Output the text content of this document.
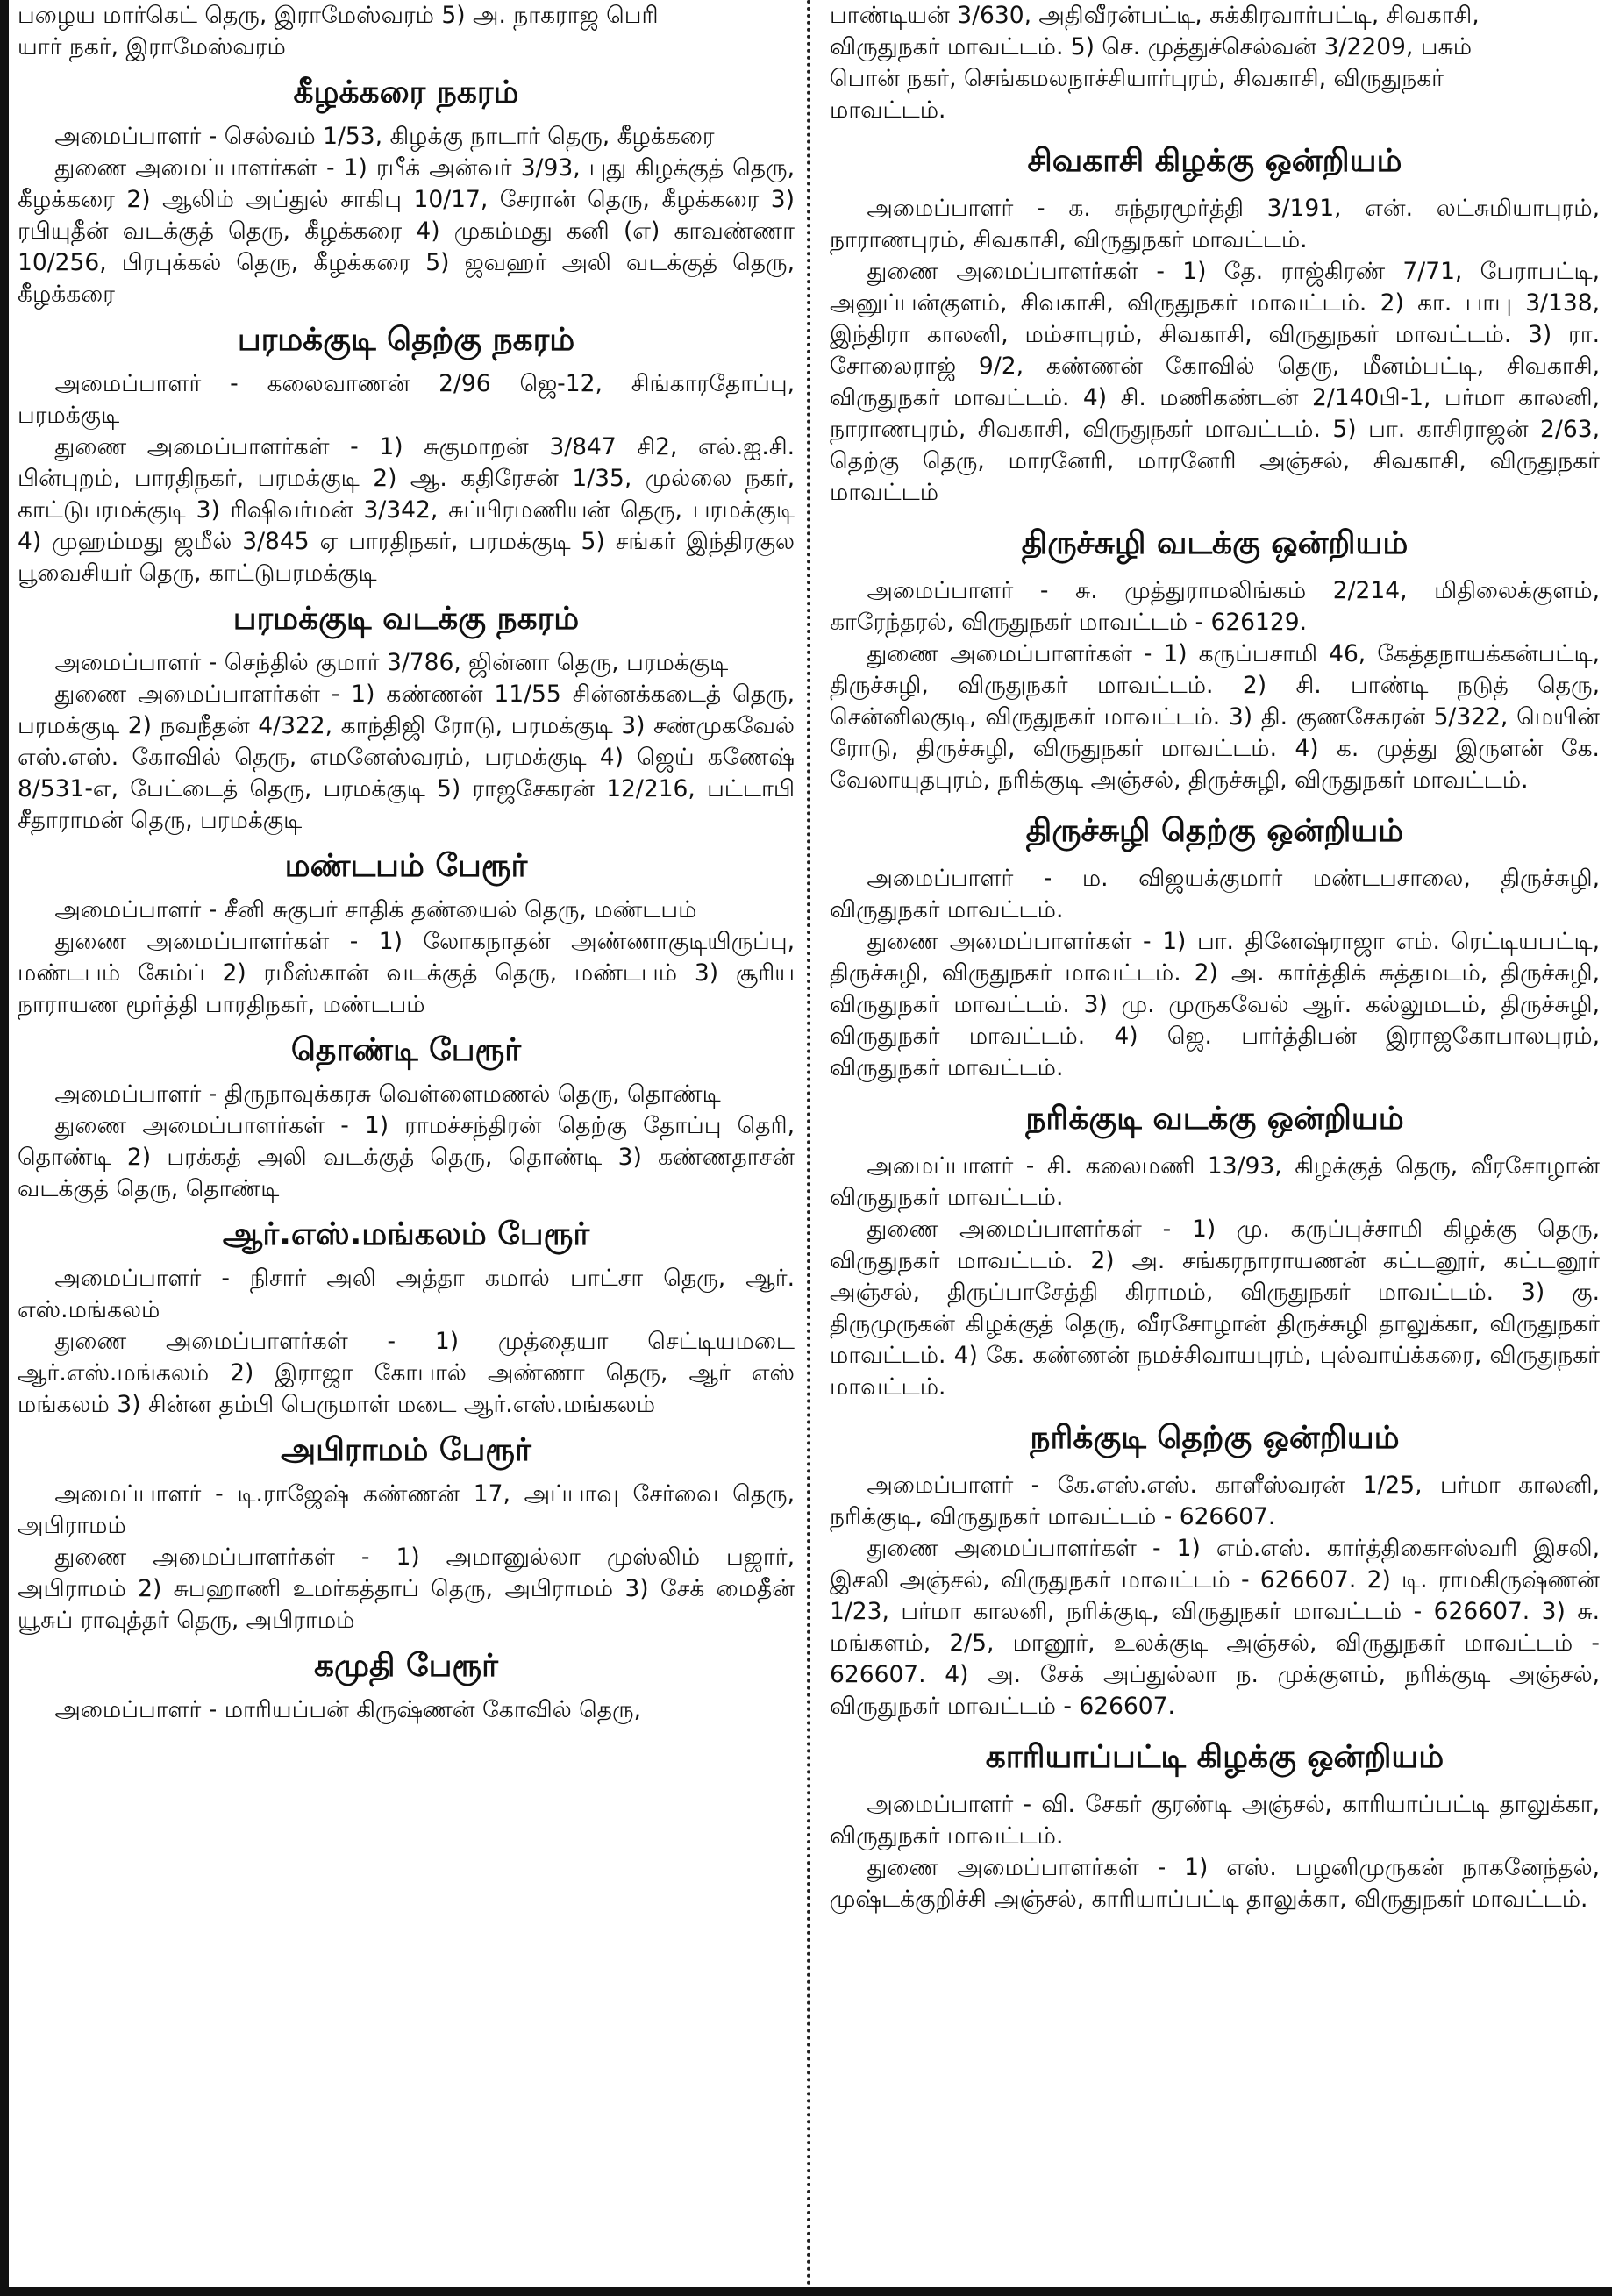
பழைய மார்கெட் தெரு, இராமேஸ்வரம் 5) அ. நாகராஜ பெரி

யார் நகர், இராமேஸ்வரம்

கீழக்கரை நகரம்

அமைப்பாளர் - செல்வம் 1/53, கிழக்கு நாடார் தெரு, கீழக்கரை

துணை அமைப்பாளர்கள் - 1) ரபீக் அன்வர் 3/93, புது கிழக்குத் தெரு, கீழக்கரை 2) ஆலிம் அப்துல் சாகிபு 10/17, சேரான் தெரு, கீழக்கரை 3) ரபியுதீன் வடக்குத் தெரு, கீழக்கரை 4) முகம்மது கனி (எ) காவண்ணா 10/256, பிரபுக்கல் தெரு, கீழக்கரை 5) ஜவஹர் அலி வடக்குத் தெரு, கீழக்கரை

பரமக்குடி தெற்கு நகரம்

அமைப்பாளர் - கலைவாணன் 2/96 ஜெ-12, சிங்காரதோப்பு, பரமக்குடி

துணை அமைப்பாளர்கள் - 1) சுகுமாறன் 3/847 சி2, எல்.ஐ.சி. பின்புறம், பாரதிநகர், பரமக்குடி 2) ஆ. கதிரேசன் 1/35, முல்லை நகர், காட்டுபரமக்குடி 3) ரிஷிவர்மன் 3/342, சுப்பிரமணியன் தெரு, பரமக்குடி 4) முஹம்மது ஜமீல் 3/845 ஏ பாரதிநகர், பரமக்குடி 5) சங்கர் இந்திரகுல பூவைசியர் தெரு, காட்டுபரமக்குடி

பரமக்குடி வடக்கு நகரம்

அமைப்பாளர் - செந்தில் குமார் 3/786, ஜின்னா தெரு, பரமக்குடி

துணை அமைப்பாளர்கள் - 1) கண்ணன் 11/55 சின்னக்கடைத் தெரு, பரமக்குடி 2) நவநீதன் 4/322, காந்திஜி ரோடு, பரமக்குடி 3) சண்முகவேல் எஸ்.எஸ். கோவில் தெரு, எமனேஸ்வரம், பரமக்குடி 4) ஜெய் கணேஷ் 8/531-எ, பேட்டைத் தெரு, பரமக்குடி 5) ராஜசேகரன் 12/216, பட்டாபி சீதாராமன் தெரு, பரமக்குடி

மண்டபம் பேரூர்

அமைப்பாளர் - சீனி சுகுபர் சாதிக் தண்யைல் தெரு, மண்டபம்

துணை அமைப்பாளர்கள் - 1) லோகநாதன் அண்ணாகுடியிருப்பு, மண்டபம் கேம்ப் 2) ரமீஸ்கான் வடக்குத் தெரு, மண்டபம் 3) சூரிய நாராயண மூர்த்தி பாரதிநகர், மண்டபம்

தொண்டி பேரூர்

அமைப்பாளர் - திருநாவுக்கரசு வெள்ளைமணல் தெரு, தொண்டி

துணை அமைப்பாளர்கள் - 1) ராமச்சந்திரன் தெற்கு தோப்பு தெரி, தொண்டி 2) பரக்கத் அலி வடக்குத் தெரு, தொண்டி 3) கண்ணதாசன் வடக்குத் தெரு, தொண்டி

ஆர்.எஸ்.மங்கலம் பேரூர்

அமைப்பாளர் - நிசார் அலி அத்தா கமால் பாட்சா தெரு, ஆர். எஸ்.மங்கலம்

துணை அமைப்பாளர்கள் - 1) முத்தையா செட்டியமடை ஆர்.எஸ்.மங்கலம் 2) இராஜா கோபால் அண்ணா தெரு, ஆர் எஸ் மங்கலம் 3) சின்ன தம்பி பெருமாள் மடை ஆர்.எஸ்.மங்கலம்

அபிராமம் பேரூர்

அமைப்பாளர் - டி.ராஜேஷ் கண்ணன் 17, அப்பாவு சேர்வை தெரு, அபிராமம்

துணை அமைப்பாளர்கள் - 1) அமானுல்லா முஸ்லிம் பஜார், அபிராமம் 2) சுபஹாணி உமர்கத்தாப் தெரு, அபிராமம் 3) சேக் மைதீன் யூசுப் ராவுத்தர் தெரு, அபிராமம்

கமுதி பேரூர்

அமைப்பாளர் - மாரியப்பன் கிருஷ்ணன் கோவில் தெரு,

பாண்டியன் 3/630, அதிவீரன்பட்டி, சுக்கிரவார்பட்டி, சிவகாசி,

விருதுநகர் மாவட்டம். 5) செ. முத்துச்செல்வன் 3/2209, பசும்

பொன் நகர், செங்கமலநாச்சியார்புரம், சிவகாசி, விருதுநகர்

மாவட்டம்.

சிவகாசி கிழக்கு ஒன்றியம்

அமைப்பாளர் - க. சுந்தரமூர்த்தி 3/191, என். லட்சுமியாபுரம், நாராணபுரம், சிவகாசி, விருதுநகர் மாவட்டம்.

துணை அமைப்பாளர்கள் - 1) தே. ராஜ்கிரண் 7/71, பேராபட்டி, அனுப்பன்குளம், சிவகாசி, விருதுநகர் மாவட்டம். 2) கா. பாபு 3/138, இந்திரா காலனி, மம்சாபுரம், சிவகாசி, விருதுநகர் மாவட்டம். 3) ரா. சோலைராஜ் 9/2, கண்ணன் கோவில் தெரு, மீனம்பட்டி, சிவகாசி, விருதுநகர் மாவட்டம். 4) சி. மணிகண்டன் 2/140பி-1, பர்மா காலனி, நாராணபுரம், சிவகாசி, விருதுநகர் மாவட்டம். 5) பா. காசிராஜன் 2/63, தெற்கு தெரு, மாரனேரி, மாரனேரி அஞ்சல், சிவகாசி, விருதுநகர் மாவட்டம்

திருச்சுழி வடக்கு ஒன்றியம்

அமைப்பாளர் - சு. முத்துராமலிங்கம் 2/214, மிதிலைக்குளம், காரேந்தரல், விருதுநகர் மாவட்டம் - 626129.

துணை அமைப்பாளர்கள் - 1) கருப்பசாமி 46, கேத்தநாயக்கன்பட்டி, திருச்சுழி, விருதுநகர் மாவட்டம். 2) சி. பாண்டி நடுத் தெரு, சென்னிலகுடி, விருதுநகர் மாவட்டம். 3) தி. குணசேகரன் 5/322, மெயின் ரோடு, திருச்சுழி, விருதுநகர் மாவட்டம். 4) க. முத்து இருளன் கே. வேலாயுதபுரம், நரிக்குடி அஞ்சல், திருச்சுழி, விருதுநகர் மாவட்டம்.

திருச்சுழி தெற்கு ஒன்றியம்

அமைப்பாளர் - ம. விஜயக்குமார் மண்டபசாலை, திருச்சுழி, விருதுநகர் மாவட்டம்.

துணை அமைப்பாளர்கள் - 1) பா. தினேஷ்ராஜா எம். ரெட்டியபட்டி, திருச்சுழி, விருதுநகர் மாவட்டம். 2) அ. கார்த்திக் சுத்தமடம், திருச்சுழி, விருதுநகர் மாவட்டம். 3) மு. முருகவேல் ஆர். கல்லுமடம், திருச்சுழி, விருதுநகர் மாவட்டம். 4) ஜெ. பார்த்திபன் இராஜகோபாலபுரம், விருதுநகர் மாவட்டம்.

நரிக்குடி வடக்கு ஒன்றியம்

அமைப்பாளர் - சி. கலைமணி 13/93, கிழக்குத் தெரு, வீரசோழான் விருதுநகர் மாவட்டம்.

துணை அமைப்பாளர்கள் - 1) மு. கருப்புச்சாமி கிழக்கு தெரு, விருதுநகர் மாவட்டம். 2) அ. சங்கரநாராயணன் கட்டனூர், கட்டனூர் அஞ்சல், திருப்பாசேத்தி கிராமம், விருதுநகர் மாவட்டம். 3) கு. திருமுருகன் கிழக்குத் தெரு, வீரசோழான் திருச்சுழி தாலுக்கா, விருதுநகர் மாவட்டம். 4) கே. கண்ணன் நமச்சிவாயபுரம், புல்வாய்க்கரை, விருதுநகர் மாவட்டம்.

நரிக்குடி தெற்கு ஒன்றியம்

அமைப்பாளர் - கே.எஸ்.எஸ். காளீஸ்வரன் 1/25, பர்மா காலனி, நரிக்குடி, விருதுநகர் மாவட்டம் - 626607.

துணை அமைப்பாளர்கள் - 1) எம்.எஸ். கார்த்திகைஈஸ்வரி இசலி, இசலி அஞ்சல், விருதுநகர் மாவட்டம் - 626607. 2) டி. ராமகிருஷ்ணன் 1/23, பர்மா காலனி, நரிக்குடி, விருதுநகர் மாவட்டம் - 626607. 3) சு. மங்களம், 2/5, மானூர், உலக்குடி அஞ்சல், விருதுநகர் மாவட்டம் - 626607. 4) அ. சேக் அப்துல்லா ந. முக்குளம், நரிக்குடி அஞ்சல், விருதுநகர் மாவட்டம் - 626607.

காரியாப்பட்டி கிழக்கு ஒன்றியம்

அமைப்பாளர் - வி. சேகர் குரண்டி அஞ்சல், காரியாப்பட்டி தாலுக்கா, விருதுநகர் மாவட்டம்.

துணை அமைப்பாளர்கள் - 1) எஸ். பழனிமுருகன் நாகனேந்தல், முஷ்டக்குறிச்சி அஞ்சல், காரியாப்பட்டி தாலுக்கா, விருதுநகர் மாவட்டம்.
